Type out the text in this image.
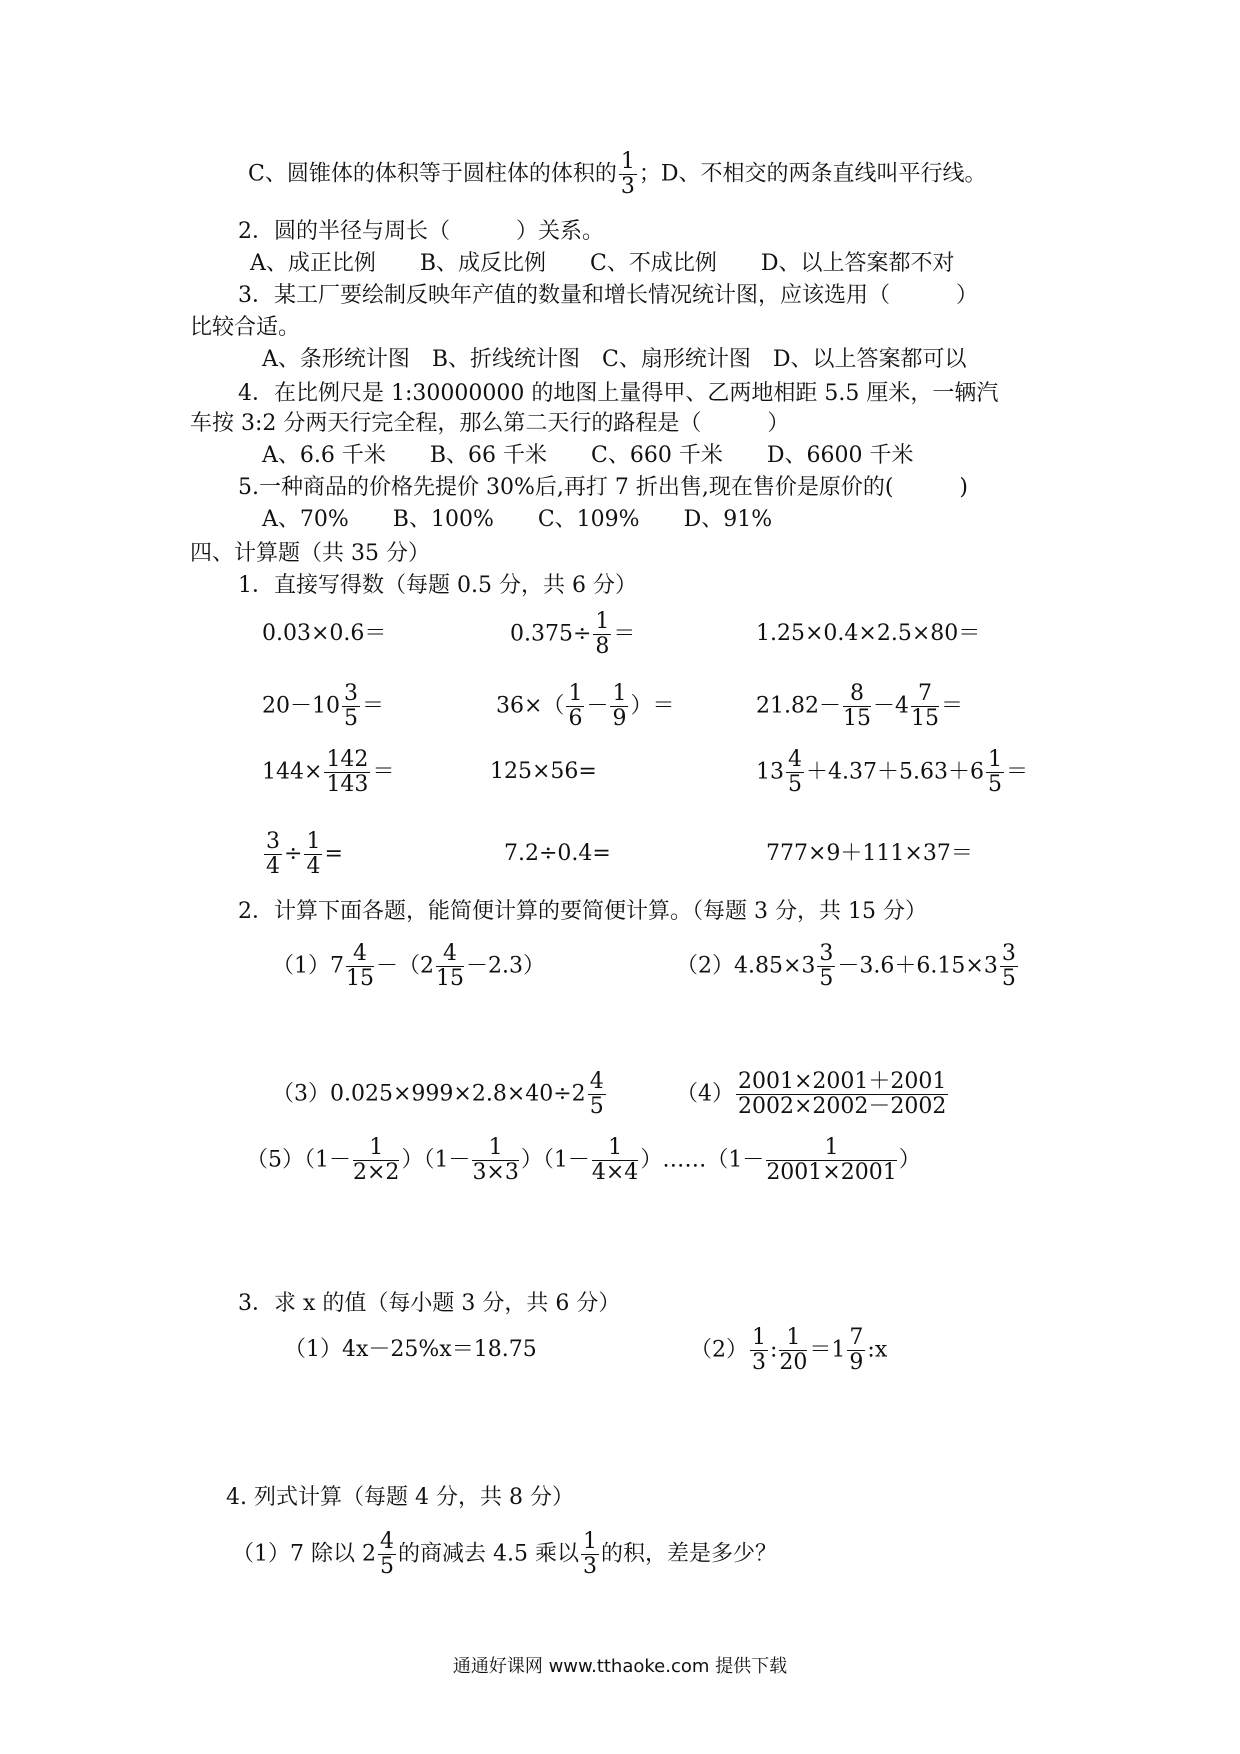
C、圆锥体的体积等于圆柱体的体积的 $\frac{1}{3}$ ；D、不相交的两条直线叫平行线。
2．圆的半径与周长（　　　）关系。
A、成正比例　　B、成反比例　　C、不成比例　　D、以上答案都不对
3．某工厂要绘制反映年产值的数量和增长情况统计图，应该选用（　　　）
比较合适。
A、条形统计图　B、折线统计图　C、扇形统计图　D、以上答案都可以
4．在比例尺是 1:30000000 的地图上量得甲、乙两地相距 5.5 厘米，一辆汽
车按 3:2 分两天行完全程，那么第二天行的路程是（　　　）
A、6.6 千米　　B、66 千米　　C、660 千米　　D、6600 千米
5.一种商品的价格先提价 30%后,再打 7 折出售,现在售价是原价的(　　　)
A、70%　　B、100%　　C、109%　　D、91%
四、计算题（共 35 分）
1．直接写得数（每题 0.5 分，共 6 分）
0.03×0.6＝	$0.375\div \frac{1}{8}$ ＝	1.25×0.4×2.5×80＝
$20-10 \frac{3}{5}$ ＝	$36\times( \frac{1}{6} - \frac{1}{9}$ ）＝	$21.82- \frac{8}{15} -4 \frac{7}{15}$ ＝
$144\times \frac{142}{143}$ ＝	125×56=	$13 \frac{4}{5} +4.37+5.63+6 \frac{1}{5}$ ＝
$\frac{3}{4} \div \frac{1}{4}$ =	7.2÷0.4=	777×9＋111×37＝
2．计算下面各题，能简便计算的要简便计算。（每题 3 分，共 15 分）
$(1)7 \frac{4}{15} -(2 \frac{4}{15} -2.3)$	$(2)4.85\times 3 \frac{3}{5} -3.6+6.15\times 3 \frac{3}{5}$
$(3)0.025\times 999\times 2.8\times 40\div 2 \frac{4}{5}$	$(4) \frac{2001\times 2001+2001}{2002\times 2002-2002}$
$(5)(1- \frac{1}{2\times 2} )(1- \frac{1}{3\times 3} )(1- \frac{1}{4\times 4}$ ）……（1－ $\frac{1}{2001\times 2001}$ ）
3．求 x 的值（每小题 3 分，共 6 分）
（1）4x－25%x＝18.75	$(2) \frac{1}{3}$ : $\frac{1}{20} =1 \frac{7}{9}$ :x
4. 列式计算（每题 4 分，共 8 分）
（1）7 除以 $2 \frac{4}{5}$ 的商减去 4.5 乘以 $\frac{1}{3}$ 的积，差是多少？
通通好课网 www.tthaoke.com 提供下载
